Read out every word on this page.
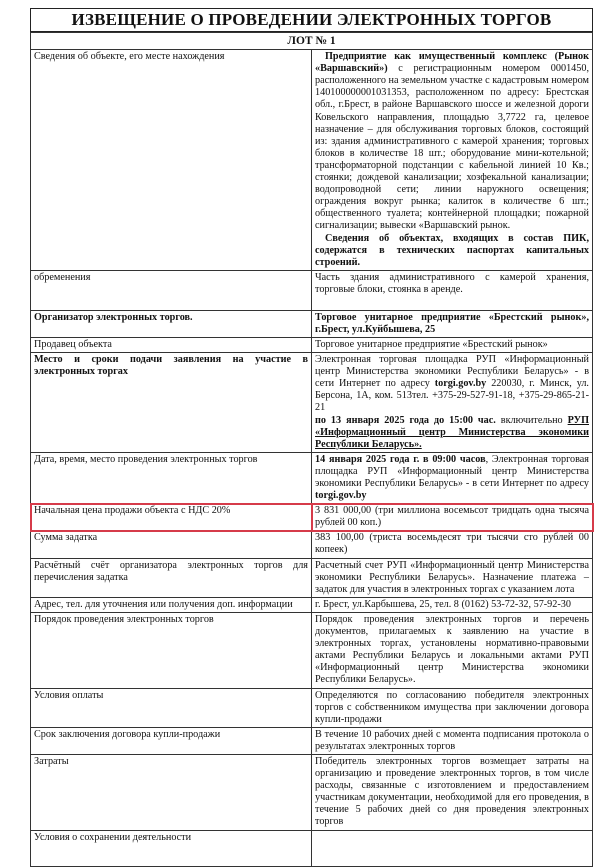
ИЗВЕЩЕНИЕ О ПРОВЕДЕНИИ ЭЛЕКТРОННЫХ ТОРГОВ
ЛОТ № 1	
Сведения об объекте, его месте нахождения	Предприятие как имущественный комплекс (Рынок «Варшавский») с регистрационным номером 0001450, расположенного на земельном участке с кадастровым номером 140100000001031353, расположенном по адресу: Брестская обл., г.Брест, в районе Варшавского шоссе и железной дороги Ковельского направления, площадью 3,7722 га, целевое назначение – для обслуживания торговых блоков, состоящий из: здания административного с камерой хранения; торговых блоков в количестве 18 шт.; оборудование мини-котельной; трансформаторной подстанции с кабельной линией 10 Кв.; стоянки; дождевой канализации; хозфекальной канализации; водопроводной сети; линии наружного освещения; ограждения вокруг рынка; калиток в количестве 6 шт.; общественного туалета; контейнерной площадки; пожарной сигнализации; вывески «Варшавский рынок.
Сведения об объектах, входящих в состав ПИК, содержатся в технических паспортах капитальных строений.

обременения	Часть здания административного с камерой хранения, торговые блоки, стоянка в аренде.
Организатор электронных торгов.	Торговое унитарное предприятие «Брестский рынок», г.Брест, ул.Куйбышева, 25
Продавец объекта	Торговое унитарное предприятие «Брестский рынок»
Место и сроки подачи заявления на участие в электронных торгах	Электронная торговая площадка РУП «Информационный центр Министерства экономики Республики Беларусь» - в сети Интернет по адресу torgi.gov.by 220030, г. Минск, ул. Берсона, 1А, ком. 513тел. +375-29-527-91-18, +375-29-865-21-21
по 13 января 2025 года до 15:00 час. включительно РУП «Информационный центр Министерства экономики Республики Беларусь».
Дата, время, место проведения электронных торгов	14 января 2025 года г. в 09:00 часов, Электронная торговая площадка РУП «Информационный центр Министерства экономики Республики Беларусь» - в сети Интернет по адресу torgi.gov.by
Начальная цена продажи объекта с НДС 20%	3 831 000,00 (три миллиона восемьсот тридцать одна тысяча рублей 00 коп.)
Сумма задатка	383 100,00 (триста восемьдесят три тысячи сто рублей 00 копеек)
Расчётный счёт организатора электронных торгов для перечисления задатка	Расчетный счет РУП «Информационный центр Министерства экономики Республики Беларусь». Назначение платежа – задаток для участия в электронных торгах с указанием лота
Адрес, тел. для уточнения или получения доп. информации	г. Брест, ул.Карбышева, 25, тел. 8 (0162) 53-72-32, 57-92-30
Порядок проведения электронных торгов	Порядок проведения электронных торгов и перечень документов, прилагаемых к заявлению на участие в электронных торгах, установлены нормативно-правовыми актами Республики Беларусь и локальными актами РУП «Информационный центр Министерства экономики Республики Беларусь».
Условия оплаты	Определяются по согласованию победителя электронных торгов с собственником имущества при заключении договора купли-продажи
Срок заключения договора купли-продажи	В течение 10 рабочих дней с момента подписания протокола о результатах электронных торгов
Затраты	Победитель электронных торгов возмещает затраты на организацию и проведение электронных торгов, в том числе расходы, связанные с изготовлением и предоставлением участникам документации, необходимой для его проведения, в течение 5 рабочих дней со дня проведения электронных торгов
Условия о сохранении деятельности	
